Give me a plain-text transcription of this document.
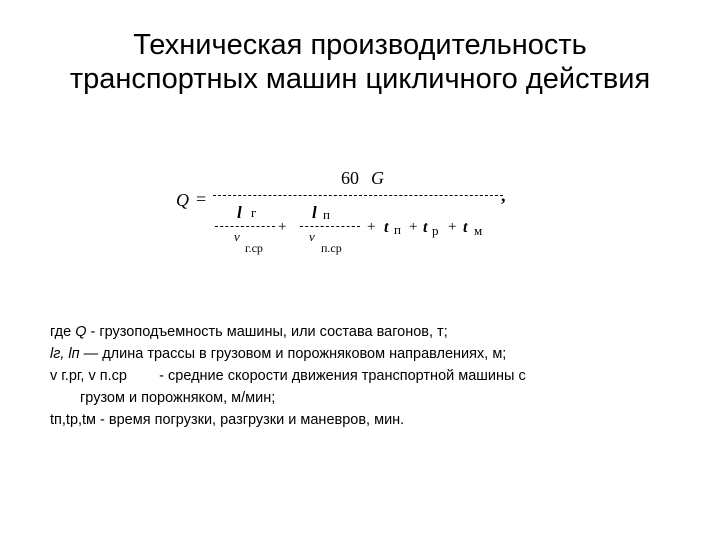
Техническая производительность
транспортных машин цикличного действия
Q =
60 G
l г
v
г.ср
+
l п
v
п.ср
+ t п + t р + t м
,
где Q - грузоподъемность машины, или состава вагонов, т;
lг, lп — длина трассы в грузовом и порожняковом направлениях, м;
v г.рг, v п.ср        - средние скорости движения транспортной машины с
грузом и порожняком, м/мин;
tп,tр,tм - время погрузки, разгрузки и маневров, мин.
